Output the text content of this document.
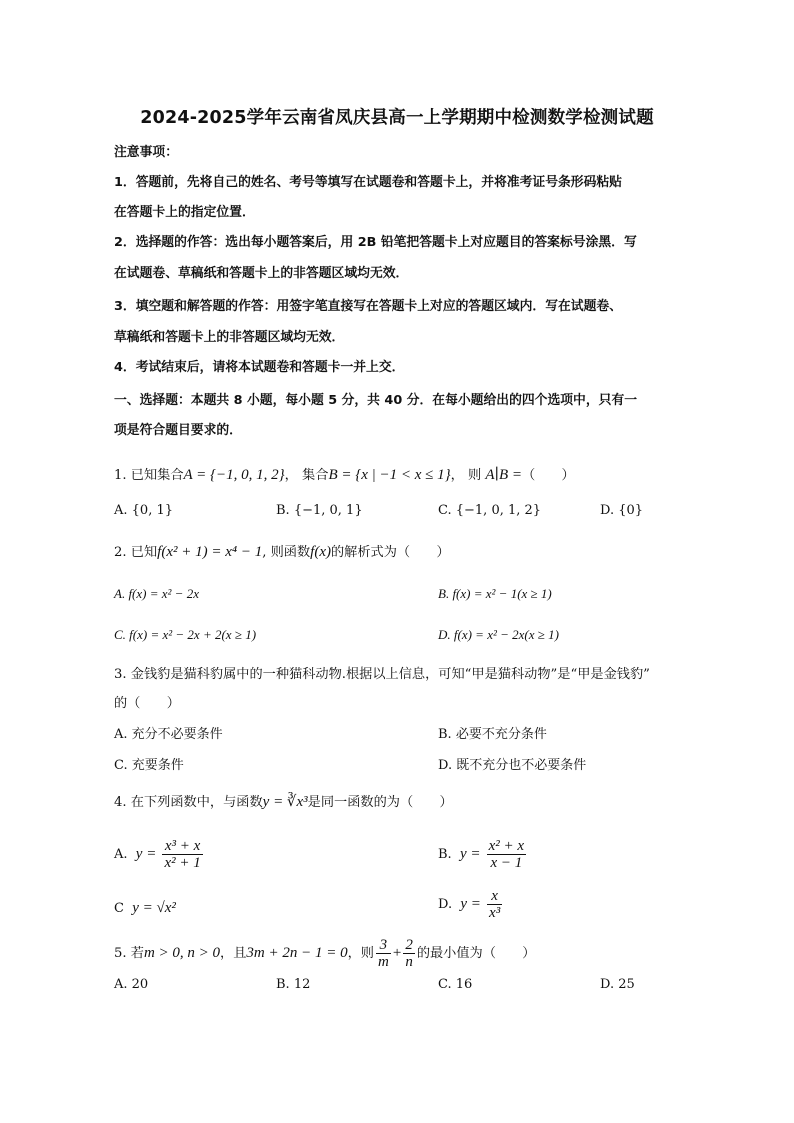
2024-2025学年云南省凤庆县高一上学期期中检测数学检测试题
注意事项：
1．答题前，先将自己的姓名、考号等填写在试题卷和答题卡上，并将准考证号条形码粘贴
在答题卡上的指定位置．
2．选择题的作答：选出每小题答案后，用 2B 铅笔把答题卡上对应题目的答案标号涂黑．写
在试题卷、草稿纸和答题卡上的非答题区域均无效．
3．填空题和解答题的作答：用签字笔直接写在答题卡上对应的答题区域内．写在试题卷、
草稿纸和答题卡上的非答题区域均无效．
4．考试结束后，请将本试题卷和答题卡一并上交．
一、选择题：本题共 8 小题，每小题 5 分，共 40 分．在每小题给出的四个选项中，只有一
项是符合题目要求的．
1. 已知集合A = {−1, 0, 1, 2}， 集合B = {x | −1 < x ≤ 1}， 则 A∣B =（　　）
A. {0, 1}	B. {−1, 0, 1}	C. {−1, 0, 1, 2}	D. {0}
2. 已知f(x² + 1) = x⁴ − 1, 则函数f(x)的解析式为（　　）
A. f(x) = x² − 2x	B. f(x) = x² − 1(x ≥ 1)
C. f(x) = x² − 2x + 2(x ≥ 1)	D. f(x) = x² − 2x(x ≥ 1)
3. 金钱豹是猫科豹属中的一种猫科动物.根据以上信息，可知“甲是猫科动物”是“甲是金钱豹”
的（　　）
A. 充分不必要条件	B. 必要不充分条件
C. 充要条件	D. 既不充分也不必要条件
4. 在下列函数中，与函数y = ∛x³是同一函数的为（　　）
A. $y = \frac{\text{x³ + x}}{\text{x² + 1}}$	B. $y = \frac{\text{x² + x}}{x - 1}$
C y = √x²	D. $y = \frac{x}{\text{x³}}$
5. 若m > 0, n > 0，且3m + 2n − 1 = 0，则 $\frac{3}{m} + \frac{2}{n}$ 的最小值为（　　）
A. 20	B. 12	C. 16	D. 25
